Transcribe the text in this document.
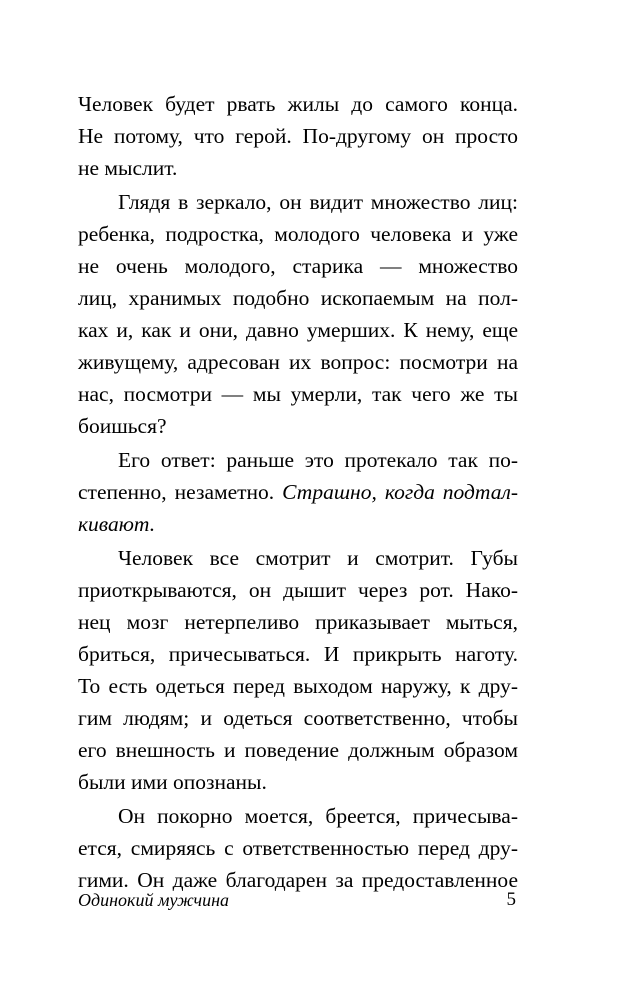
Человек будет рвать жилы до самого конца.
Не потому, что герой. По-другому он просто
не мыслит.
Глядя в зеркало, он видит множество лиц:
ребенка, подростка, молодого человека и уже
не очень молодого, старика — множество
лиц, хранимых подобно ископаемым на пол-
ках и, как и они, давно умерших. К нему, еще
живущему, адресован их вопрос: посмотри на
нас, посмотри — мы умерли, так чего же ты
боишься?
Его ответ: раньше это протекало так по-
степенно, незаметно. Страшно, когда подтал-
кивают.
Человек все смотрит и смотрит. Губы
приоткрываются, он дышит через рот. Нако-
нец мозг нетерпеливо приказывает мыться,
бриться, причесываться. И прикрыть наготу.
То есть одеться перед выходом наружу, к дру-
гим людям; и одеться соответственно, чтобы
его внешность и поведение должным образом
были ими опознаны.
Он покорно моется, бреется, причесыва-
ется, смиряясь с ответственностью перед дру-
гими. Он даже благодарен за предоставленное
Одинокий мужчина	5
